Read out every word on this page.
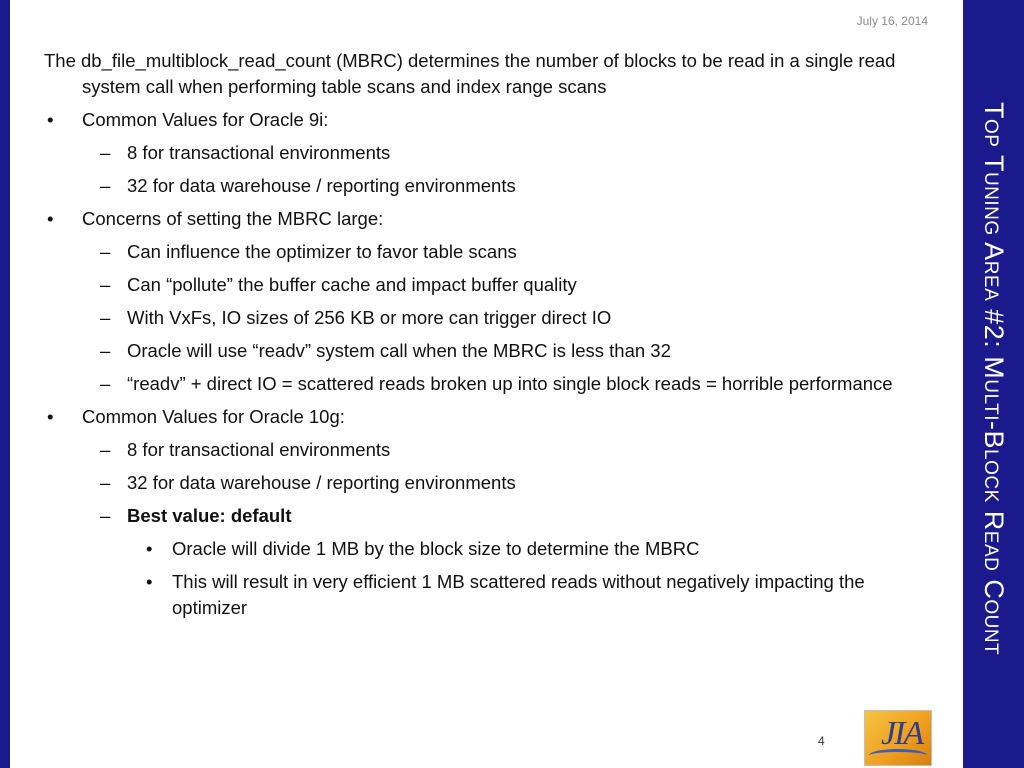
Top Tuning Area #2: Multi-Block Read Count
July 16, 2014
The db_file_multiblock_read_count (MBRC) determines the number of blocks to be read in a single read system call when performing table scans and index range scans
• Common Values for Oracle 9i:
– 8 for transactional environments
– 32 for data warehouse / reporting environments
• Concerns of setting the MBRC large:
– Can influence the optimizer to favor table scans
– Can “pollute” the buffer cache and impact buffer quality
– With VxFs, IO sizes of 256 KB or more can trigger direct IO
– Oracle will use “readv” system call when the MBRC is less than 32
– “readv” + direct IO = scattered reads broken up into single block reads = horrible performance
• Common Values for Oracle 10g:
– 8 for transactional environments
– 32 for data warehouse / reporting environments
– Best value: default
• Oracle will divide 1 MB by the block size to determine the MBRC
• This will result in very efficient 1 MB scattered reads without negatively impacting the optimizer
4 JIA
